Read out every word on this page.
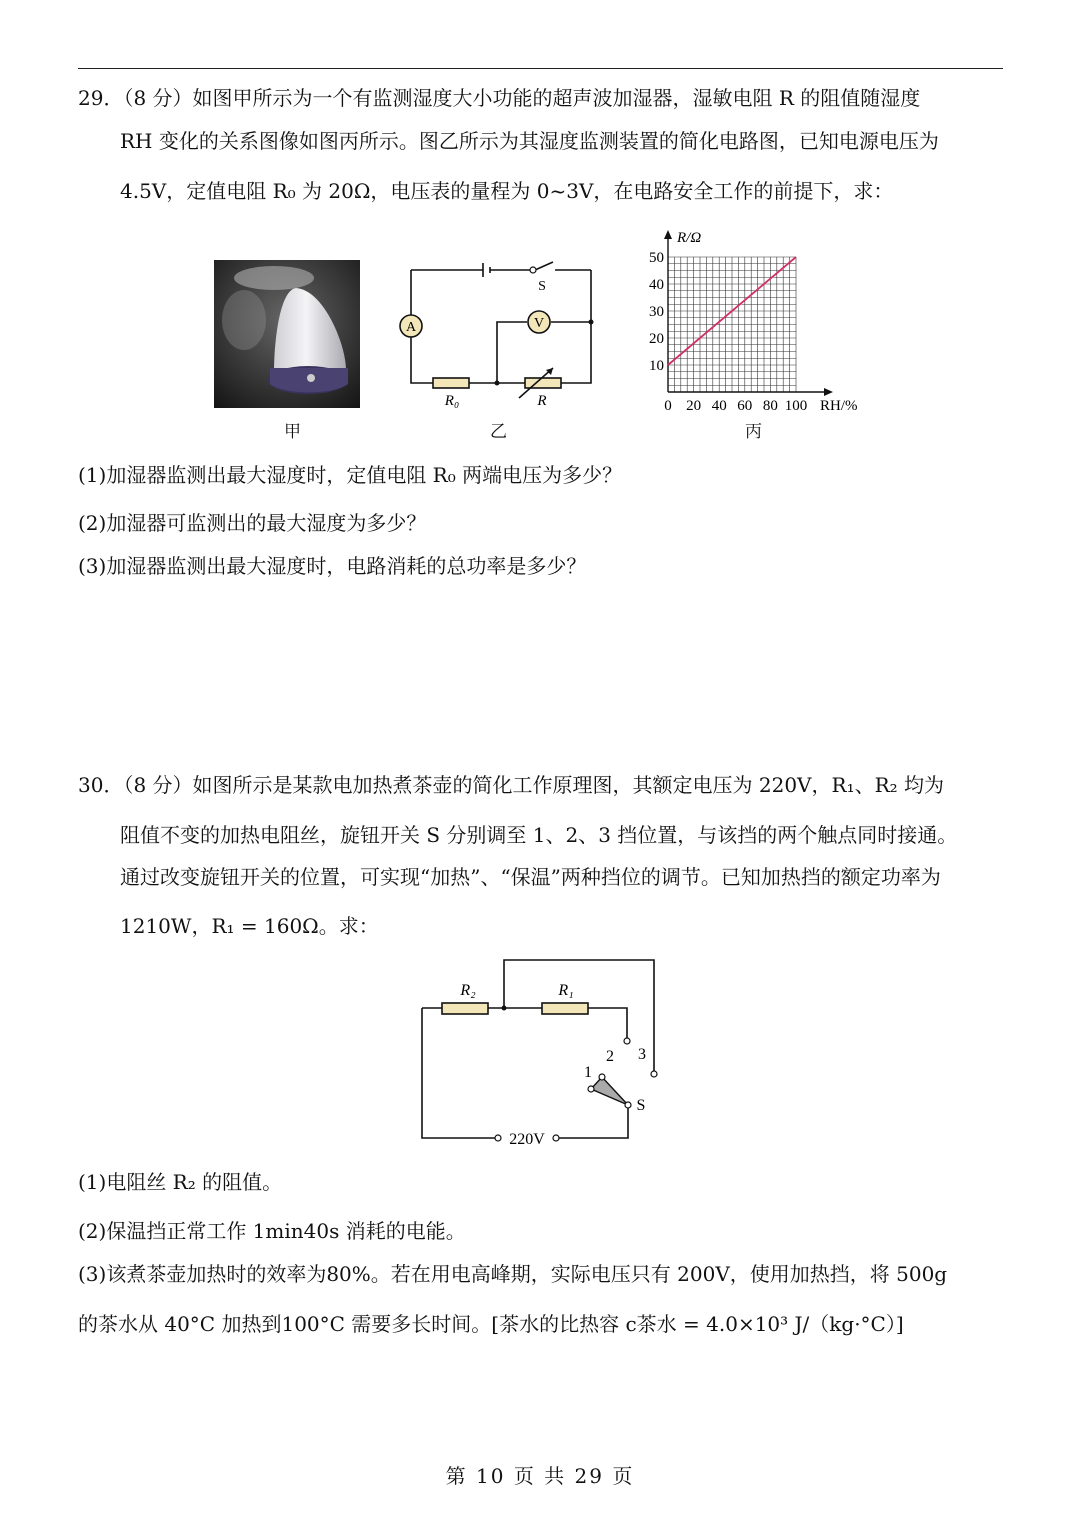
29．（8 分）如图甲所示为一个有监测湿度大小功能的超声波加湿器，湿敏电阻 R 的阻值随湿度
RH 变化的关系图像如图丙所示。图乙所示为其湿度监测装置的简化电路图，已知电源电压为
4.5V，定值电阻 R₀ 为 20Ω，电压表的量程为 0~3V，在电路安全工作的前提下，求：
甲
A	V
S
R₀	R
乙
0 20 40 60 80 100
10
20
30
40
50
R/Ω
RH/%
丙
(1)加湿器监测出最大湿度时，定值电阻 R₀ 两端电压为多少？
(2)加湿器可监测出的最大湿度为多少？
(3)加湿器监测出最大湿度时，电路消耗的总功率是多少？
30．（8 分）如图所示是某款电加热煮茶壶的简化工作原理图，其额定电压为 220V，R₁、R₂ 均为
阻值不变的加热电阻丝，旋钮开关 S 分别调至 1、2、3 挡位置，与该挡的两个触点同时接通。
通过改变旋钮开关的位置，可实现“加热”、“保温”两种挡位的调节。已知加热挡的额定功率为
1210W，R₁ = 160Ω。求：
R₂	R₁
1
2 3
S
220V
(1)电阻丝 R₂ 的阻值。
(2)保温挡正常工作 1min40s 消耗的电能。
(3)该煮茶壶加热时的效率为80%。若在用电高峰期，实际电压只有 200V，使用加热挡，将 500g
的茶水从 40°C 加热到100°C 需要多长时间。[茶水的比热容 c茶水 = 4.0×10³ J/（kg·°C）]
第 10 页 共 29 页
